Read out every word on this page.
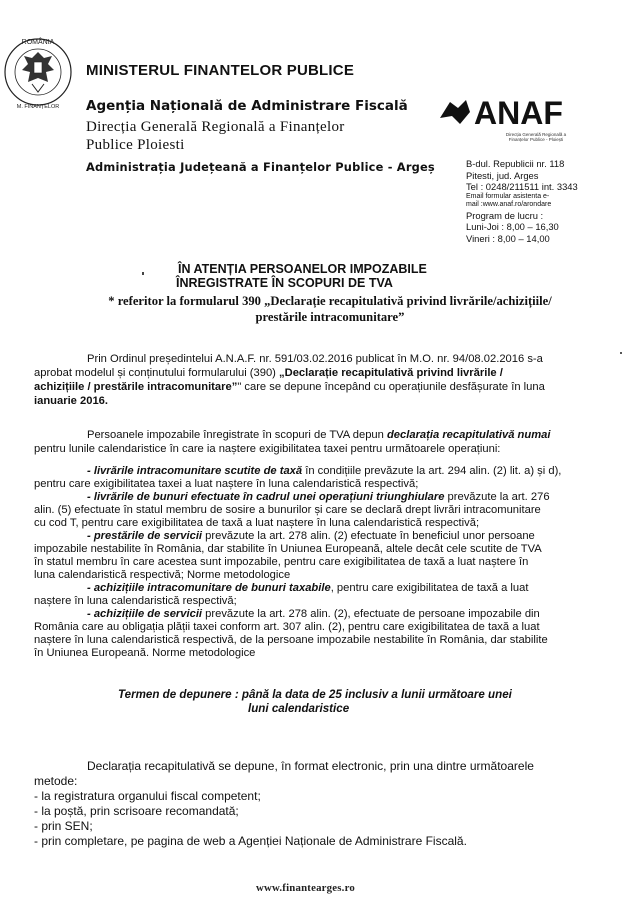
ROMÂNIA
M. FINANȚELOR
MINISTERUL FINANTELOR PUBLICE
Agenția Națională de Administrare Fiscală
Direcția Generală Regională a Finanțelor Publice Ploiesti
Administrația Județeană a Finanțelor Publice - Argeș
ANAF
Direcția Generală Regională a Finanțelor Publice - Ploiești
B-dul. Republicii nr. 118
Pitesti, jud. Arges
Tel : 0248/211511 int. 3343
Email formular asistenta e-
mail :www.anaf.ro/arondare
Program de lucru :
Luni-Joi : 8,00 – 16,30
Vineri : 8,00 – 14,00
ÎN ATENȚIA PERSOANELOR IMPOZABILE
ÎNREGISTRATE ÎN SCOPURI DE TVA
* referitor la formularul 390 „Declarație recapitulativă privind livrările/achizițiile/
prestările intracomunitare”
Prin Ordinul președintelui A.N.A.F. nr. 591/03.02.2016 publicat în M.O. nr. 94/08.02.2016 s-a
aprobat modelul și conținutului formularului (390) „Declarație recapitulativă privind livrările /
achizițiile / prestările intracomunitare”" care se depune începând cu operațiunile desfășurate în luna
ianuarie 2016.
Persoanele impozabile înregistrate în scopuri de TVA depun declarația recapitulativă numai
pentru lunile calendaristice în care ia naștere exigibilitatea taxei pentru următoarele operațiuni:
- livrările intracomunitare scutite de taxă în condițiile prevăzute la art. 294 alin. (2) lit. a) și d),
pentru care exigibilitatea taxei a luat naștere în luna calendaristică respectivă;
- livrările de bunuri efectuate în cadrul unei operațiuni triunghiulare prevăzute la art. 276
alin. (5) efectuate în statul membru de sosire a bunurilor și care se declară drept livrări intracomunitare
cu cod T, pentru care exigibilitatea de taxă a luat naștere în luna calendaristică respectivă;
- prestările de servicii prevăzute la art. 278 alin. (2) efectuate în beneficiul unor persoane
impozabile nestabilite în România, dar stabilite în Uniunea Europeană, altele decât cele scutite de TVA
în statul membru în care acestea sunt impozabile, pentru care exigibilitatea de taxă a luat naștere în
luna calendaristică respectivă; Norme metodologice
- achizițiile intracomunitare de bunuri taxabile, pentru care exigibilitatea de taxă a luat
naștere în luna calendaristică respectivă;
- achizițiile de servicii prevăzute la art. 278 alin. (2), efectuate de persoane impozabile din
România care au obligația plății taxei conform art. 307 alin. (2), pentru care exigibilitatea de taxă a luat
naștere în luna calendaristică respectivă, de la persoane impozabile nestabilite în România, dar stabilite
în Uniunea Europeană. Norme metodologice
Termen de depunere : până la data de 25 inclusiv a lunii următoare unei
luni calendaristice
Declarația recapitulativă se depune, în format electronic, prin una dintre următoarele
metode:
- la registratura organului fiscal competent;
- la poștă, prin scrisoare recomandată;
- prin SEN;
- prin completare, pe pagina de web a Agenției Naționale de Administrare Fiscală.
www.finantearges.ro
